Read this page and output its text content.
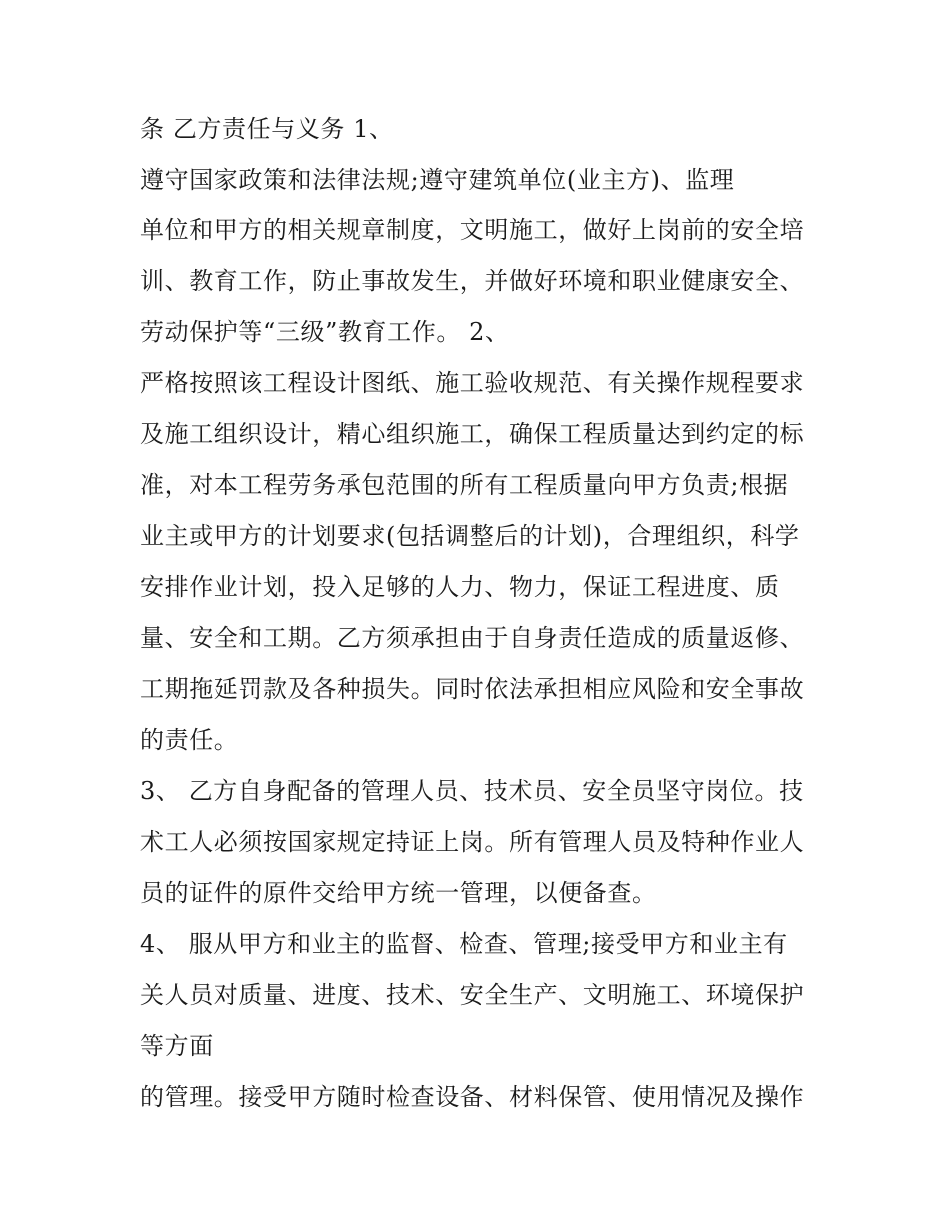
条 乙方责任与义务 1、

遵守国家政策和法律法规;遵守建筑单位(业主方)、监理

单位和甲方的相关规章制度，文明施工，做好上岗前的安全培

训、教育工作，防止事故发生，并做好环境和职业健康安全、

劳动保护等“三级”教育工作。 2、

严格按照该工程设计图纸、施工验收规范、有关操作规程要求

及施工组织设计，精心组织施工，确保工程质量达到约定的标

准，对本工程劳务承包范围的所有工程质量向甲方负责;根据

业主或甲方的计划要求(包括调整后的计划)，合理组织，科学

安排作业计划，投入足够的人力、物力，保证工程进度、质

量、安全和工期。乙方须承担由于自身责任造成的质量返修、

工期拖延罚款及各种损失。同时依法承担相应风险和安全事故

的责任。

3、 乙方自身配备的管理人员、技术员、安全员坚守岗位。技

术工人必须按国家规定持证上岗。所有管理人员及特种作业人

员的证件的原件交给甲方统一管理，以便备查。

4、 服从甲方和业主的监督、检查、管理;接受甲方和业主有

关人员对质量、进度、技术、安全生产、文明施工、环境保护

等方面

的管理。接受甲方随时检查设备、材料保管、使用情况及操作
